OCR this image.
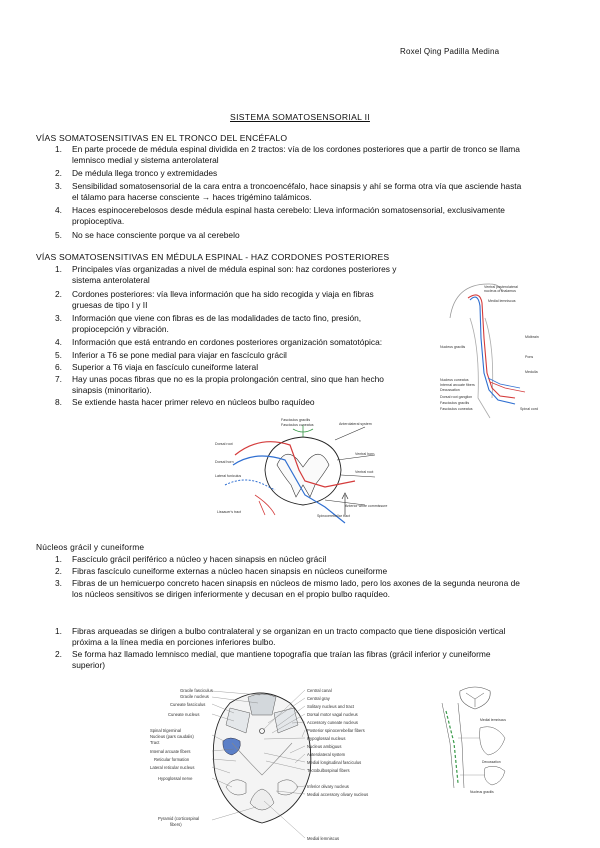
Roxel Qing Padilla Medina
SISTEMA SOMATOSENSORIAL II
VÍAS SOMATOSENSITIVAS EN EL TRONCO DEL ENCÉFALO
1. En parte procede de médula espinal dividida en 2 tractos: vía de los cordones posteriores que a partir de tronco se llama
lemnisco medial y sistema anterolateral
2. De médula llega tronco y extremidades
3. Sensibilidad somatosensorial de la cara entra a troncoencéfalo, hace sinapsis y ahí se forma otra vía que asciende hasta
el tálamo para hacerse consciente → haces trigémino talámicos.
4. Haces espinocerebelosos desde médula espinal hasta cerebelo: Lleva información somatosensorial, exclusivamente
propioceptiva.
5. No se hace consciente porque va al cerebelo
VÍAS SOMATOSENSITIVAS EN MÉDULA ESPINAL - HAZ CORDONES POSTERIORES
1. Principales vías organizadas a nivel de médula espinal son: haz cordones posteriores y
sistema anterolateral
2. Cordones posteriores: vía lleva información que ha sido recogida y viaja en fibras
gruesas de tipo I y II
3. Información que viene con fibras es de las modalidades de tacto fino, presión,
propiocepción y vibración.
4. Información que está entrando en cordones posteriores organización somatotópica:
5. Inferior a T6 se pone medial para viajar en fascículo grácil
6. Superior a T6 viaja en fascículo cuneiforme lateral
7. Hay unas pocas fibras que no es la propia prolongación central, sino que han hecho
sinapsis (minoritario).
8. Se extiende hasta hacer primer relevo en núcleos bulbo raquídeo
Ventral posterolateral
nucleus of thalamus
Medial lemniscus
Midbrain
Pons
Medulla
Nucleus gracilis
Nucleus cuneatus
Internal arcuate fibers
Decussation
Dorsal root ganglion
Fasciculus gracilis
Fasciculus cuneatus	Spinal cord
Fasciculus gracilis
Fasciculus cuneatus
Dorsal root
Dorsal horn
Lateral funiculus
Anterolateral system
Ventral horn
Ventral root
Anterior white commissure
Spinocerebellar tract
Lissauer's tract
Núcleos grácil y cuneiforme
1. Fascículo grácil periférico a núcleo y hacen sinapsis en núcleo grácil
2. Fibras fascículo cuneiforme externas a núcleo hacen sinapsis en núcleos cuneiforme
3. Fibras de un hemicuerpo concreto hacen sinapsis en núcleos de mismo lado, pero los axones de la segunda neurona de
los núcleos sensitivos se dirigen inferiormente y decusan en el propio bulbo raquídeo.
1. Fibras arqueadas se dirigen a bulbo contralateral y se organizan en un tracto compacto que tiene disposición vertical
próxima a la línea media en porciones inferiores bulbo.
2. Se forma haz llamado lemnisco medial, que mantiene topografía que traían las fibras (grácil inferior y cuneiforme
superior)
Gracile fasciculus
Gracile nucleus
Cuneate fasciculus
Cuneate nucleus
Spinal trigeminal
Nucleus (pars caudalis)
Tract
Internal arcuate fibers
Reticular formation
Lateral reticular nucleus
Hypoglossal nerve
Pyramid (corticospinal
fibers)
Central canal
Central gray
Solitary nucleus and tract
Dorsal motor vagal nucleus
Accessory cuneate nucleus
Posterior spinocerebellar fibers
Hypoglossal nucleus
Nucleus ambiguus
Anterolateral system
Medial longitudinal fasciculus
Tectobulbospinal fibers
Inferior olivary nucleus
Medial accessory olivary nucleus
Medial lemniscus
Medial lemniscus
Decussation
Nucleus gracilis
